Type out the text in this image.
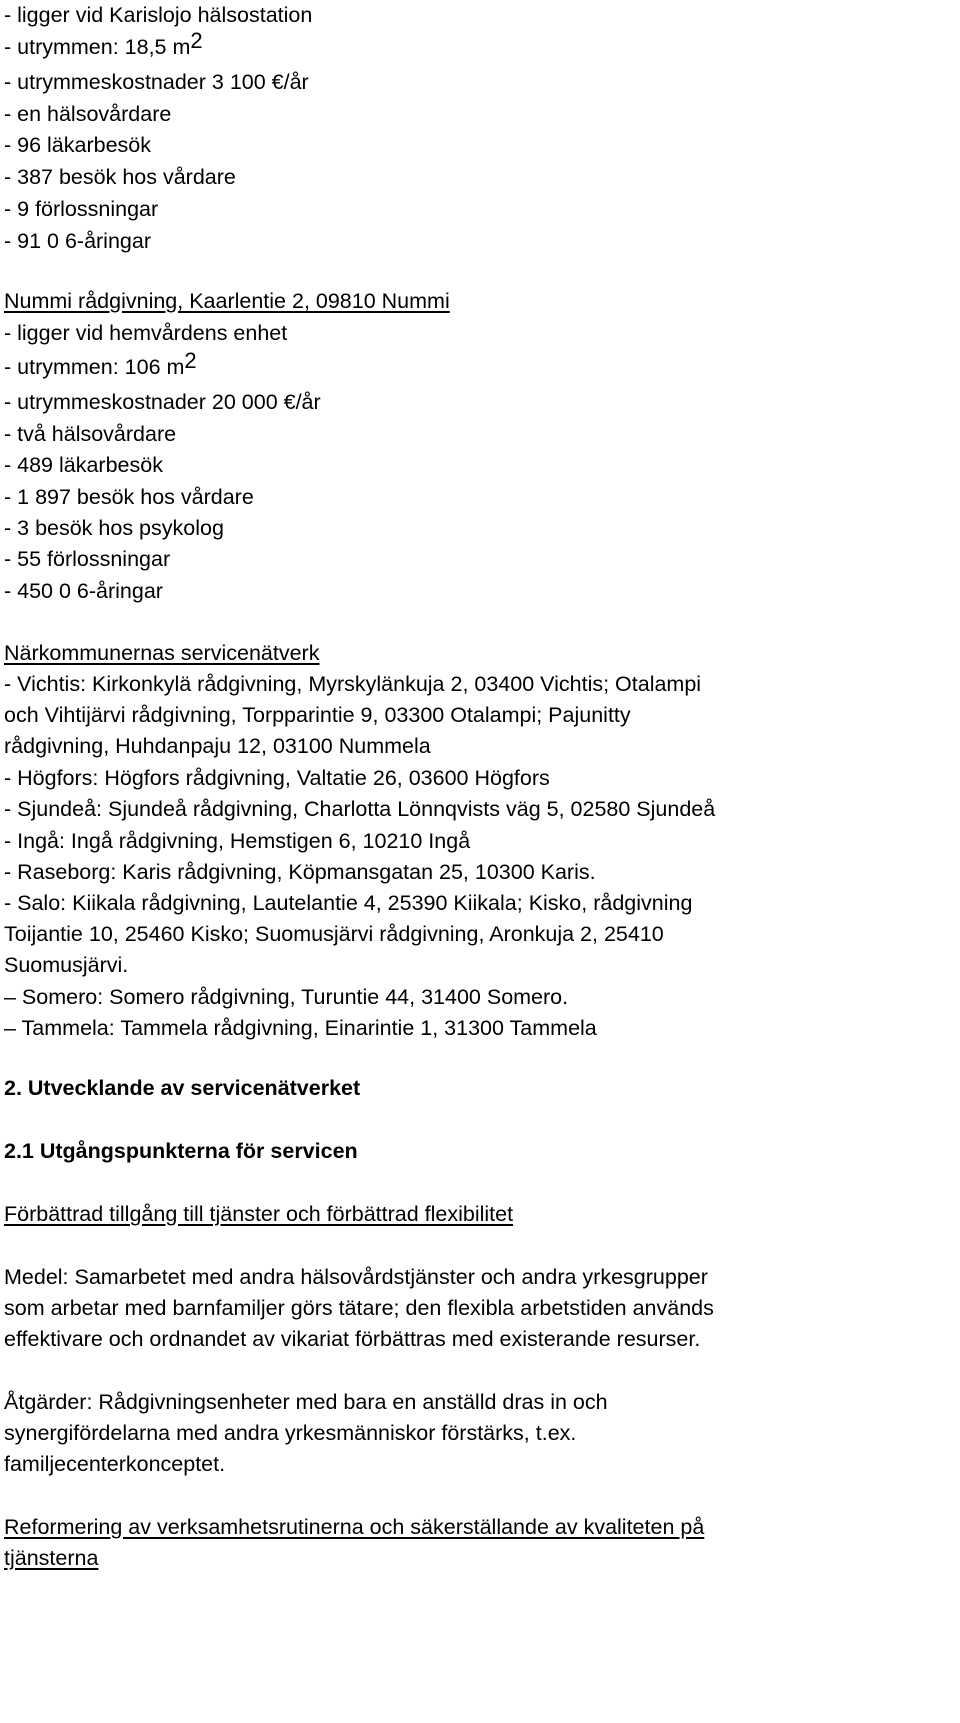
- ligger vid Karislojo hälsostation
- utrymmen: 18,5 m2
- utrymmeskostnader 3 100 €/år
- en hälsovårdare
- 96 läkarbesök
- 387 besök hos vårdare
- 9 förlossningar
- 91 0 6-åringar
Nummi rådgivning, Kaarlentie 2, 09810 Nummi
- ligger vid hemvårdens enhet
- utrymmen: 106 m2
- utrymmeskostnader 20 000 €/år
- två hälsovårdare
- 489 läkarbesök
- 1 897 besök hos vårdare
- 3 besök hos psykolog
- 55 förlossningar
- 450 0 6-åringar
Närkommunernas servicenätverk
- Vichtis: Kirkonkylä rådgivning, Myrskylänkuja 2, 03400 Vichtis; Otalampi
och Vihtijärvi rådgivning, Torpparintie 9, 03300 Otalampi; Pajunitty
rådgivning, Huhdanpaju 12, 03100 Nummela
- Högfors: Högfors rådgivning, Valtatie 26, 03600 Högfors
- Sjundeå: Sjundeå rådgivning, Charlotta Lönnqvists väg 5, 02580 Sjundeå
- Ingå: Ingå rådgivning, Hemstigen 6, 10210 Ingå
- Raseborg: Karis rådgivning, Köpmansgatan 25, 10300 Karis.
- Salo: Kiikala rådgivning, Lautelantie 4, 25390 Kiikala; Kisko, rådgivning
Toijantie 10, 25460 Kisko; Suomusjärvi rådgivning, Aronkuja 2, 25410
Suomusjärvi.
– Somero: Somero rådgivning, Turuntie 44, 31400 Somero.
– Tammela: Tammela rådgivning, Einarintie 1, 31300 Tammela
2. Utvecklande av servicenätverket
2.1 Utgångspunkterna för servicen
Förbättrad tillgång till tjänster och förbättrad flexibilitet
Medel: Samarbetet med andra hälsovårdstjänster och andra yrkesgrupper
som arbetar med barnfamiljer görs tätare; den flexibla arbetstiden används
effektivare och ordnandet av vikariat förbättras med existerande resurser.
Åtgärder: Rådgivningsenheter med bara en anställd dras in och
synergifördelarna med andra yrkesmänniskor förstärks, t.ex.
familjecenterkonceptet.
Reformering av verksamhetsrutinerna och säkerställande av kvaliteten på
tjänsterna
